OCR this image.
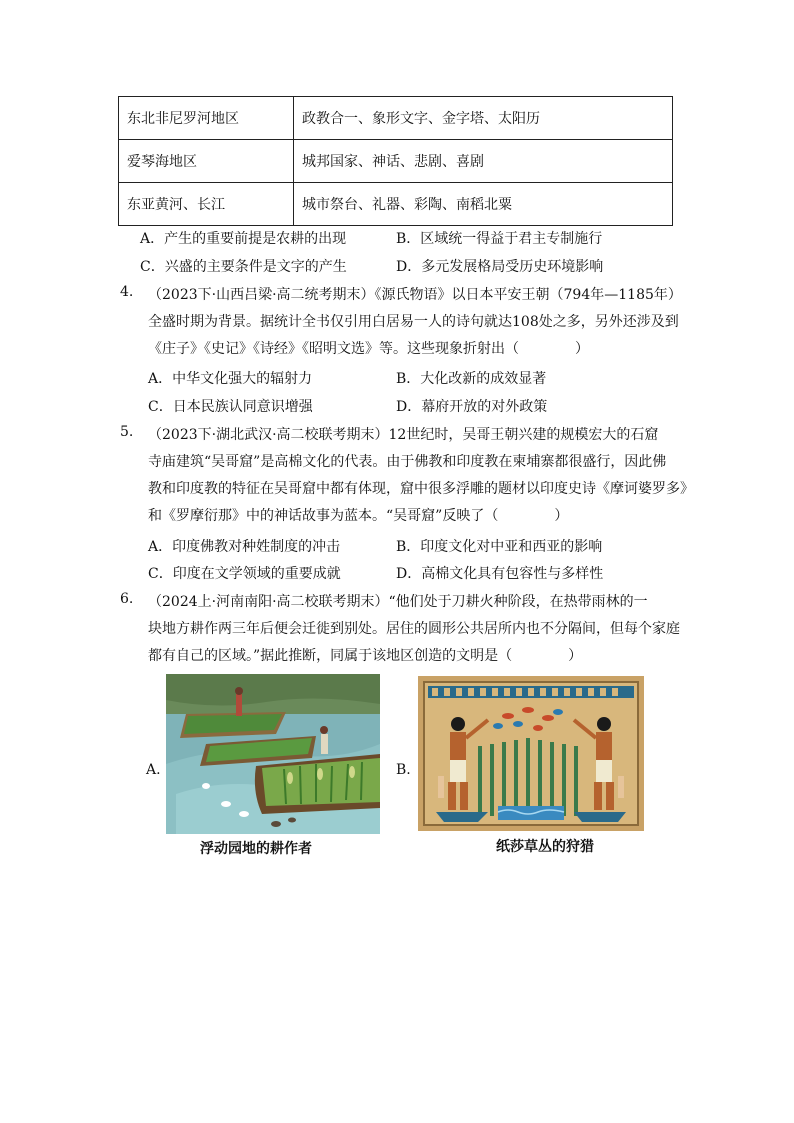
东北非尼罗河地区	政教合一、象形文字、金字塔、太阳历
爱琴海地区	城邦国家、神话、悲剧、喜剧
东亚黄河、长江	城市祭台、礼器、彩陶、南稻北粟
A．产生的重要前提是农耕的出现	B．区域统一得益于君主专制施行
C．兴盛的主要条件是文字的产生	D．多元发展格局受历史环境影响
4. （2023下·山西吕梁·高二统考期末）《源氏物语》以日本平安王朝（794年—1185年）
全盛时期为背景。据统计全书仅引用白居易一人的诗句就达108处之多，另外还涉及到
《庄子》《史记》《诗经》《昭明文选》等。这些现象折射出（　　　　）
A．中华文化强大的辐射力	B．大化改新的成效显著
C．日本民族认同意识增强	D．幕府开放的对外政策
5. （2023下·湖北武汉·高二校联考期末）12世纪时，吴哥王朝兴建的规模宏大的石窟
寺庙建筑“吴哥窟”是高棉文化的代表。由于佛教和印度教在柬埔寨都很盛行，因此佛
教和印度教的特征在吴哥窟中都有体现，窟中很多浮雕的题材以印度史诗《摩诃婆罗多》
和《罗摩衍那》中的神话故事为蓝本。“吴哥窟”反映了（　　　　）
A．印度佛教对种姓制度的冲击	B．印度文化对中亚和西亚的影响
C．印度在文学领域的重要成就	D．高棉文化具有包容性与多样性
6. （2024上·河南南阳·高二校联考期末）“他们处于刀耕火种阶段，在热带雨林的一
块地方耕作两三年后便会迁徙到别处。居住的圆形公共居所内也不分隔间，但每个家庭
都有自己的区域。”据此推断，同属于该地区创造的文明是（　　　　）
A.	B.
浮动园地的耕作者	纸莎草丛的狩猎
